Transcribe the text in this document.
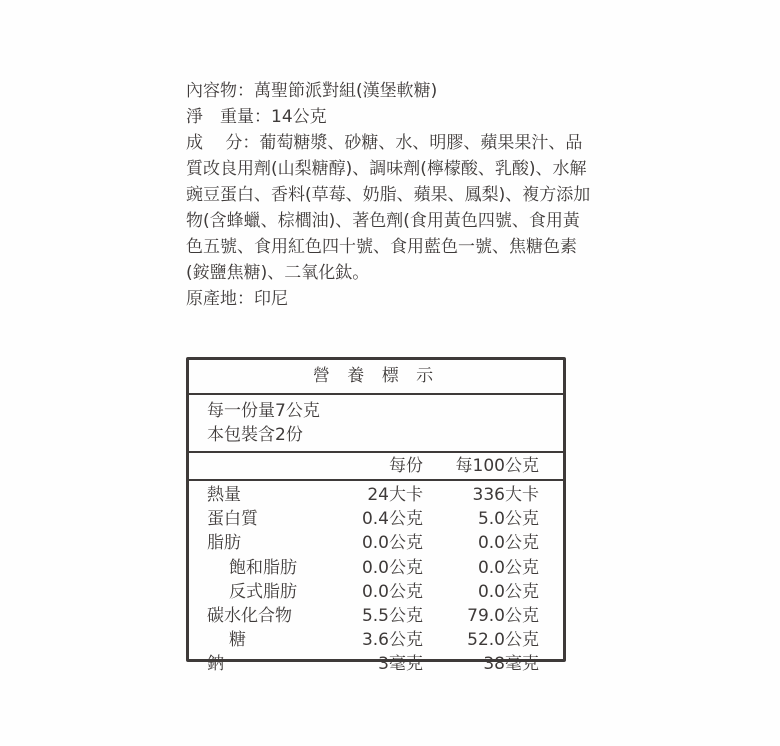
內容物：萬聖節派對組(漢堡軟糖)
淨　重量：14公克
成　 分：葡萄糖漿、砂糖、水、明膠、蘋果果汁、品質改良用劑(山梨糖醇)、調味劑(檸檬酸、乳酸)、水解豌豆蛋白、香料(草莓、奶脂、蘋果、鳳梨)、複方添加物(含蜂蠟、棕櫚油)、著色劑(食用黃色四號、食用黃色五號、食用紅色四十號、食用藍色一號、焦糖色素(銨鹽焦糖)、二氧化鈦。
原產地：印尼
營 養 標 示
每一份量7公克
本包裝含2份
每份 每100公克
熱量	24大卡	336大卡
蛋白質	0.4公克	5.0公克
脂肪	0.0公克	0.0公克
飽和脂肪	0.0公克	0.0公克
反式脂肪	0.0公克	0.0公克
碳水化合物	5.5公克	79.0公克
糖	3.6公克	52.0公克
鈉	3毫克	38毫克
